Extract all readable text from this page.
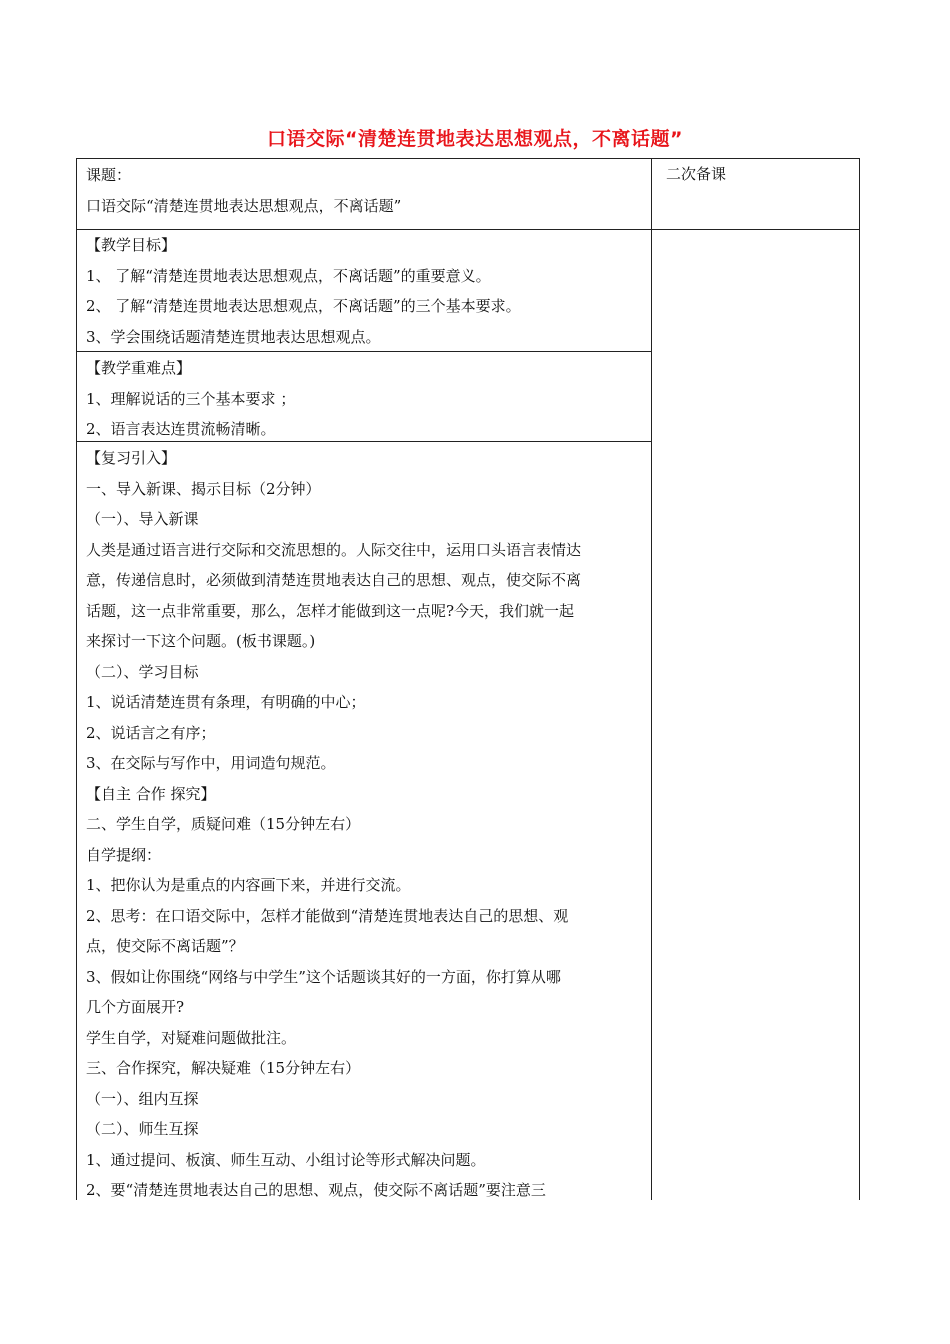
口语交际“清楚连贯地表达思想观点，不离话题”
二次备课

课题：

口语交际“清楚连贯地表达思想观点，不离话题”

【教学目标】

1、 了解“清楚连贯地表达思想观点，不离话题”的重要意义。

2、 了解“清楚连贯地表达思想观点，不离话题”的三个基本要求。

3、学会围绕话题清楚连贯地表达思想观点。

【教学重难点】

1、理解说话的三个基本要求 ；

2、语言表达连贯流畅清晰。

【复习引入】

一、导入新课、揭示目标（2分钟）

（一）、导入新课

人类是通过语言进行交际和交流思想的。人际交往中，运用口头语言表情达

意，传递信息时，必须做到清楚连贯地表达自己的思想、观点，使交际不离

话题，这一点非常重要，那么，怎样才能做到这一点呢?今天，我们就一起

来探讨一下这个问题。(板书课题。)

（二）、学习目标

1、说话清楚连贯有条理，有明确的中心；

2、说话言之有序；

3、在交际与写作中，用词造句规范。

【自主 合作 探究】

二、学生自学，质疑问难（15分钟左右）

自学提纲：

1、把你认为是重点的内容画下来，并进行交流。

2、思考：在口语交际中，怎样才能做到“清楚连贯地表达自己的思想、观

点，使交际不离话题”？

3、假如让你围绕“网络与中学生”这个话题谈其好的一方面，你打算从哪

几个方面展开?

学生自学，对疑难问题做批注。

三、合作探究，解决疑难（15分钟左右）

（一）、组内互探

（二）、师生互探

1、通过提问、板演、师生互动、小组讨论等形式解决问题。

2、要“清楚连贯地表达自己的思想、观点，使交际不离话题”要注意三
